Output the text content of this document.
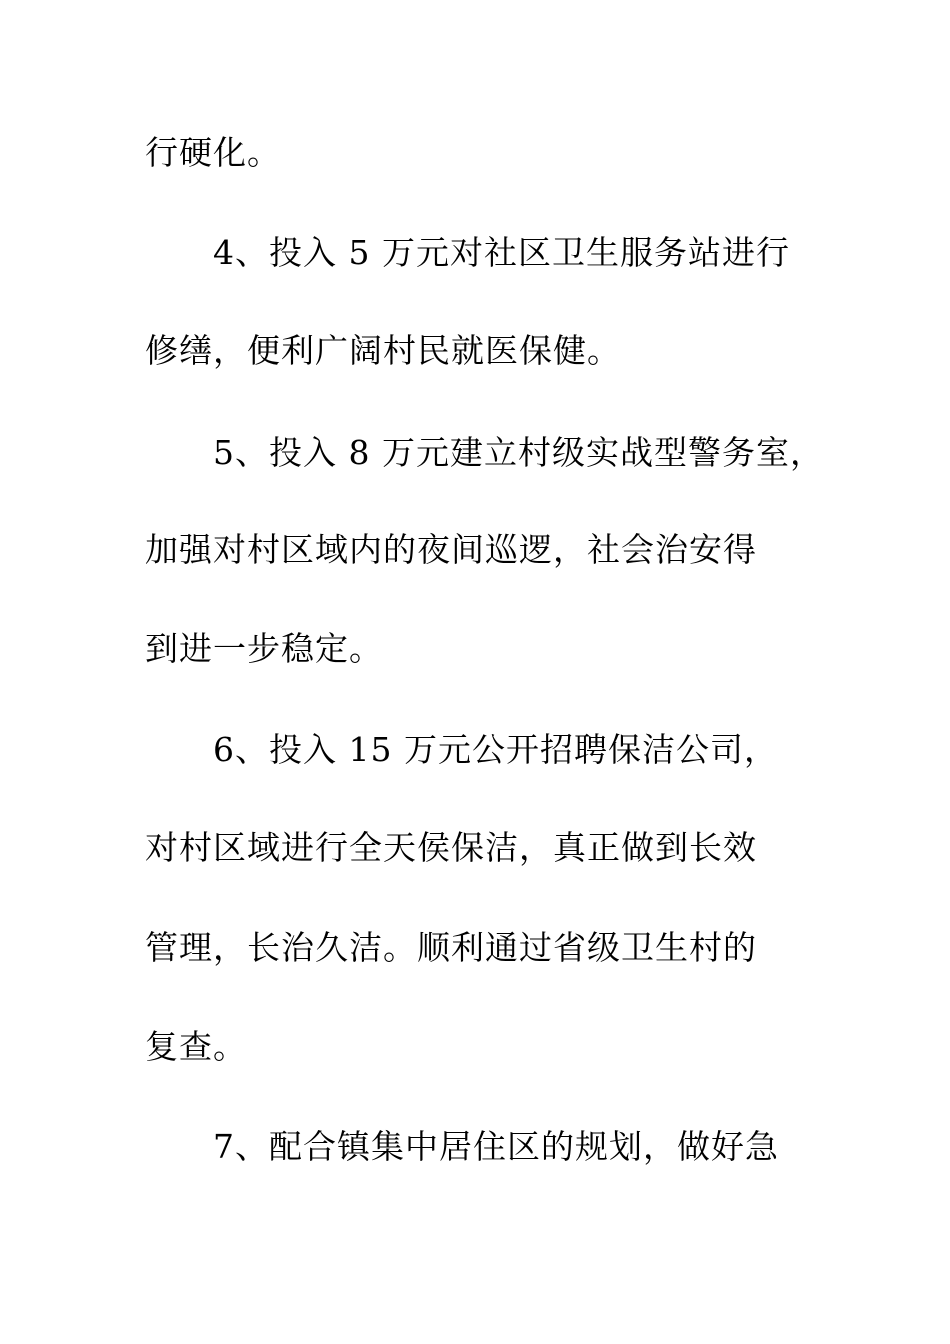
行硬化。
4、投入 5 万元对社区卫生服务站进行
修缮，便利广阔村民就医保健。
5、投入 8 万元建立村级实战型警务室，
加强对村区域内的夜间巡逻，社会治安得
到进一步稳定。
6、投入 15 万元公开招聘保洁公司，
对村区域进行全天侯保洁，真正做到长效
管理，长治久洁。顺利通过省级卫生村的
复查。
7、配合镇集中居住区的规划，做好急
